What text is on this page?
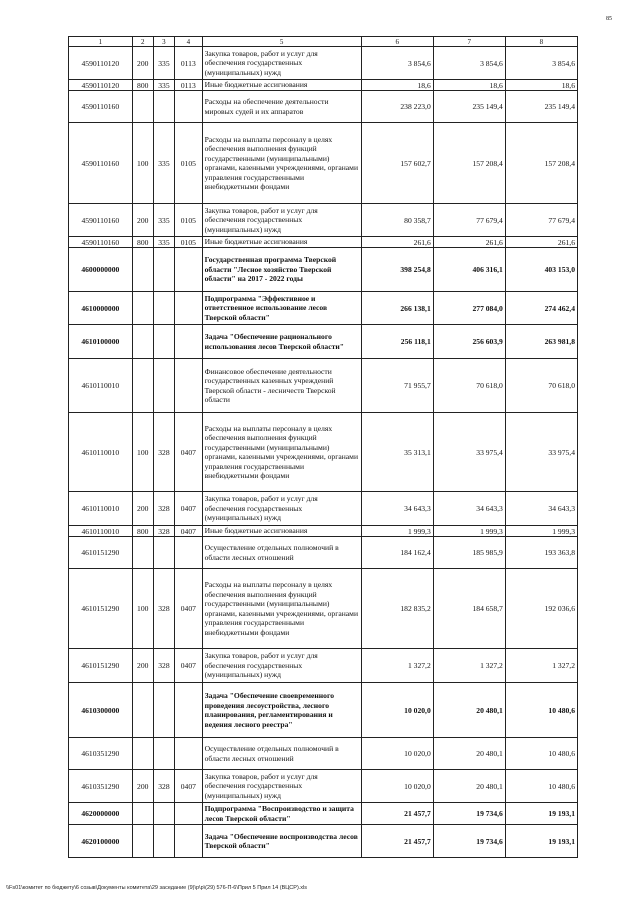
85
1	2	3	4	5	6	7	8
4590110120	200	335	0113	Закупка товаров, работ и услуг для обеспечения государственных (муниципальных) нужд	3 854,6	3 854,6	3 854,6
4590110120	800	335	0113	Иные бюджетные ассигнования	18,6	18,6	18,6
4590110160				Расходы на обеспечение деятельности мировых судей и их аппаратов	238 223,0	235 149,4	235 149,4
4590110160	100	335	0105	Расходы на выплаты персоналу в целях обеспечения выполнения функций государственными (муниципальными) органами, казенными учреждениями, органами управления государственными внебюджетными фондами	157 602,7	157 208,4	157 208,4
4590110160	200	335	0105	Закупка товаров, работ и услуг для обеспечения государственных (муниципальных) нужд	80 358,7	77 679,4	77 679,4
4590110160	800	335	0105	Иные бюджетные ассигнования	261,6	261,6	261,6
4600000000				Государственная программа Тверской области "Лесное хозяйство Тверской области" на 2017 - 2022 годы	398 254,8	406 316,1	403 153,0
4610000000				Подпрограмма "Эффективное и ответственное использование лесов Тверской области"	266 138,1	277 084,0	274 462,4
4610100000				Задача "Обеспечение рационального использования лесов Тверской области"	256 118,1	256 603,9	263 981,8
4610110010				Финансовое обеспечение деятельности государственных казенных учреждений Тверской области - лесничеств Тверской области	71 955,7	70 618,0	70 618,0
4610110010	100	328	0407	Расходы на выплаты персоналу в целях обеспечения выполнения функций государственными (муниципальными) органами, казенными учреждениями, органами управления государственными внебюджетными фондами	35 313,1	33 975,4	33 975,4
4610110010	200	328	0407	Закупка товаров, работ и услуг для обеспечения государственных (муниципальных) нужд	34 643,3	34 643,3	34 643,3
4610110010	800	328	0407	Иные бюджетные ассигнования	1 999,3	1 999,3	1 999,3
4610151290				Осуществление отдельных полномочий в области лесных отношений	184 162,4	185 985,9	193 363,8
4610151290	100	328	0407	Расходы на выплаты персоналу в целях обеспечения выполнения функций государственными (муниципальными) органами, казенными учреждениями, органами управления государственными внебюджетными фондами	182 835,2	184 658,7	192 036,6
4610151290	200	328	0407	Закупка товаров, работ и услуг для обеспечения государственных (муниципальных) нужд	1 327,2	1 327,2	1 327,2
4610300000				Задача "Обеспечение своевременного проведения лесоустройства, лесного планирования, регламентирования и ведения лесного реестра"	10 020,0	20 480,1	10 480,6
4610351290				Осуществление отдельных полномочий в области лесных отношений	10 020,0	20 480,1	10 480,6
4610351290	200	328	0407	Закупка товаров, работ и услуг для обеспечения государственных (муниципальных) нужд	10 020,0	20 480,1	10 480,6
4620000000				Подпрограмма "Воспроизводство и защита лесов Тверской области"	21 457,7	19 734,6	19 193,1
4620100000				Задача "Обеспечение воспроизводства лесов Тверской области"	21 457,7	19 734,6	19 193,1
\\Fs01\комитет по бюджету\6 созыв\Документы комитета\29 заседание (9)\р\р\(29) 576-П-6\Прил 5 Прил 14 (ВЦСР).xls
